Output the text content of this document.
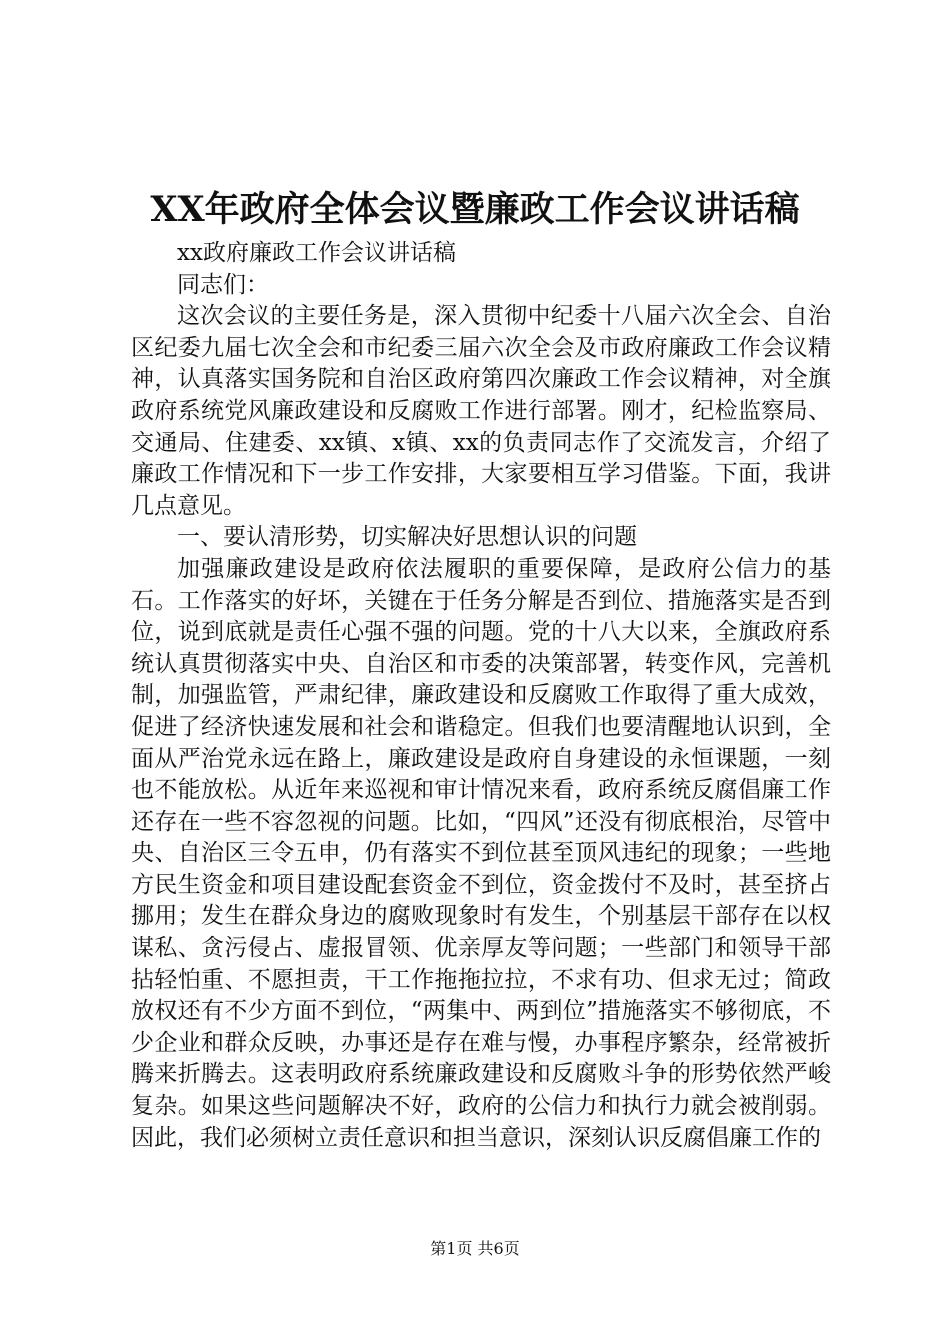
XX年政府全体会议暨廉政工作会议讲话稿

xx政府廉政工作会议讲话稿

同志们：

这次会议的主要任务是，深入贯彻中纪委十八届六次全会、自治区纪委九届七次全会和市纪委三届六次全会及市政府廉政工作会议精神，认真落实国务院和自治区政府第四次廉政工作会议精神，对全旗政府系统党风廉政建设和反腐败工作进行部署。刚才，纪检监察局、交通局、住建委、xx镇、x镇、xx的负责同志作了交流发言，介绍了廉政工作情况和下一步工作安排，大家要相互学习借鉴。下面，我讲几点意见。

一、要认清形势，切实解决好思想认识的问题

加强廉政建设是政府依法履职的重要保障，是政府公信力的基石。工作落实的好坏，关键在于任务分解是否到位、措施落实是否到位，说到底就是责任心强不强的问题。党的十八大以来，全旗政府系统认真贯彻落实中央、自治区和市委的决策部署，转变作风，完善机制，加强监管，严肃纪律，廉政建设和反腐败工作取得了重大成效，促进了经济快速发展和社会和谐稳定。但我们也要清醒地认识到，全面从严治党永远在路上，廉政建设是政府自身建设的永恒课题，一刻也不能放松。从近年来巡视和审计情况来看，政府系统反腐倡廉工作还存在一些不容忽视的问题。比如，“四风”还没有彻底根治，尽管中央、自治区三令五申，仍有落实不到位甚至顶风违纪的现象；一些地方民生资金和项目建设配套资金不到位，资金拨付不及时，甚至挤占挪用；发生在群众身边的腐败现象时有发生，个别基层干部存在以权谋私、贪污侵占、虚报冒领、优亲厚友等问题；一些部门和领导干部拈轻怕重、不愿担责，干工作拖拖拉拉，不求有功、但求无过；简政放权还有不少方面不到位，“两集中、两到位”措施落实不够彻底，不少企业和群众反映，办事还是存在难与慢，办事程序繁杂，经常被折腾来折腾去。这表明政府系统廉政建设和反腐败斗争的形势依然严峻复杂。如果这些问题解决不好，政府的公信力和执行力就会被削弱。因此，我们必须树立责任意识和担当意识，深刻认识反腐倡廉工作的

第1页 共6页
